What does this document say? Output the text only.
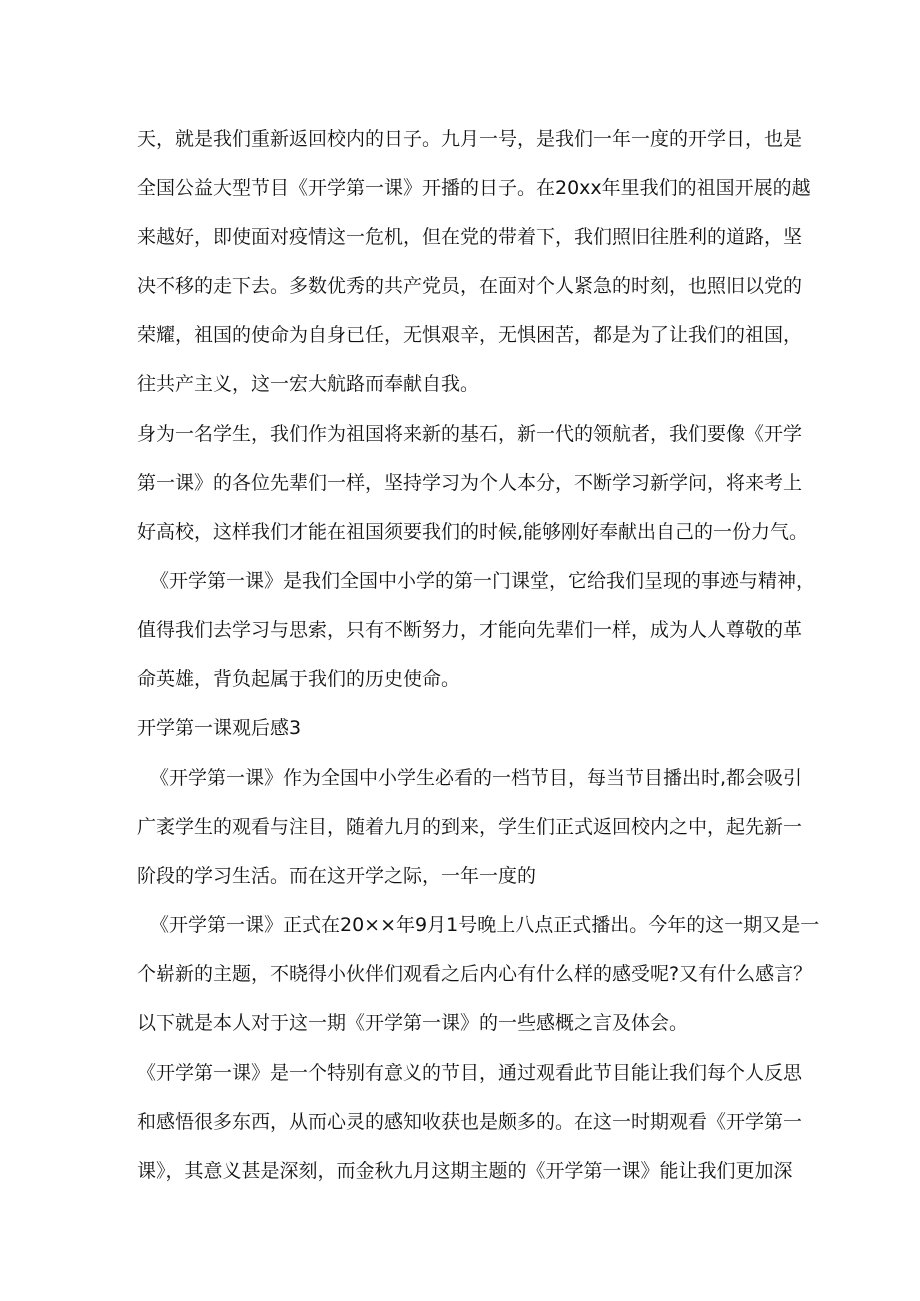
天，就是我们重新返回校内的日子。九月一号，是我们一年一度的开学日，也是

全国公益大型节目《开学第一课》开播的日子。在20xx年里我们的祖国开展的越

来越好，即使面对疫情这一危机，但在党的带着下，我们照旧往胜利的道路，坚

决不移的走下去。多数优秀的共产党员，在面对个人紧急的时刻，也照旧以党的

荣耀，祖国的使命为自身已任，无惧艰辛，无惧困苦，都是为了让我们的祖国，

往共产主义，这一宏大航路而奉献自我。

身为一名学生，我们作为祖国将来新的基石，新一代的领航者，我们要像《开学

第一课》的各位先辈们一样，坚持学习为个人本分，不断学习新学问，将来考上

好高校，这样我们才能在祖国须要我们的时候,能够刚好奉献出自己的一份力气。

《开学第一课》是我们全国中小学的第一门课堂，它给我们呈现的事迹与精神，

值得我们去学习与思索，只有不断努力，才能向先辈们一样，成为人人尊敬的革

命英雄，背负起属于我们的历史使命。

开学第一课观后感3

《开学第一课》作为全国中小学生必看的一档节目，每当节目播出时,都会吸引

广袤学生的观看与注目，随着九月的到来，学生们正式返回校内之中，起先新一

阶段的学习生活。而在这开学之际，一年一度的

《开学第一课》正式在20××年9月1号晚上八点正式播出。今年的这一期又是一

个崭新的主题，不晓得小伙伴们观看之后内心有什么样的感受呢?又有什么感言？

以下就是本人对于这一期《开学第一课》的一些感概之言及体会。

《开学第一课》是一个特别有意义的节目，通过观看此节目能让我们每个人反思

和感悟很多东西，从而心灵的感知收获也是颇多的。在这一时期观看《开学第一

课》，其意义甚是深刻，而金秋九月这期主题的《开学第一课》能让我们更加深
